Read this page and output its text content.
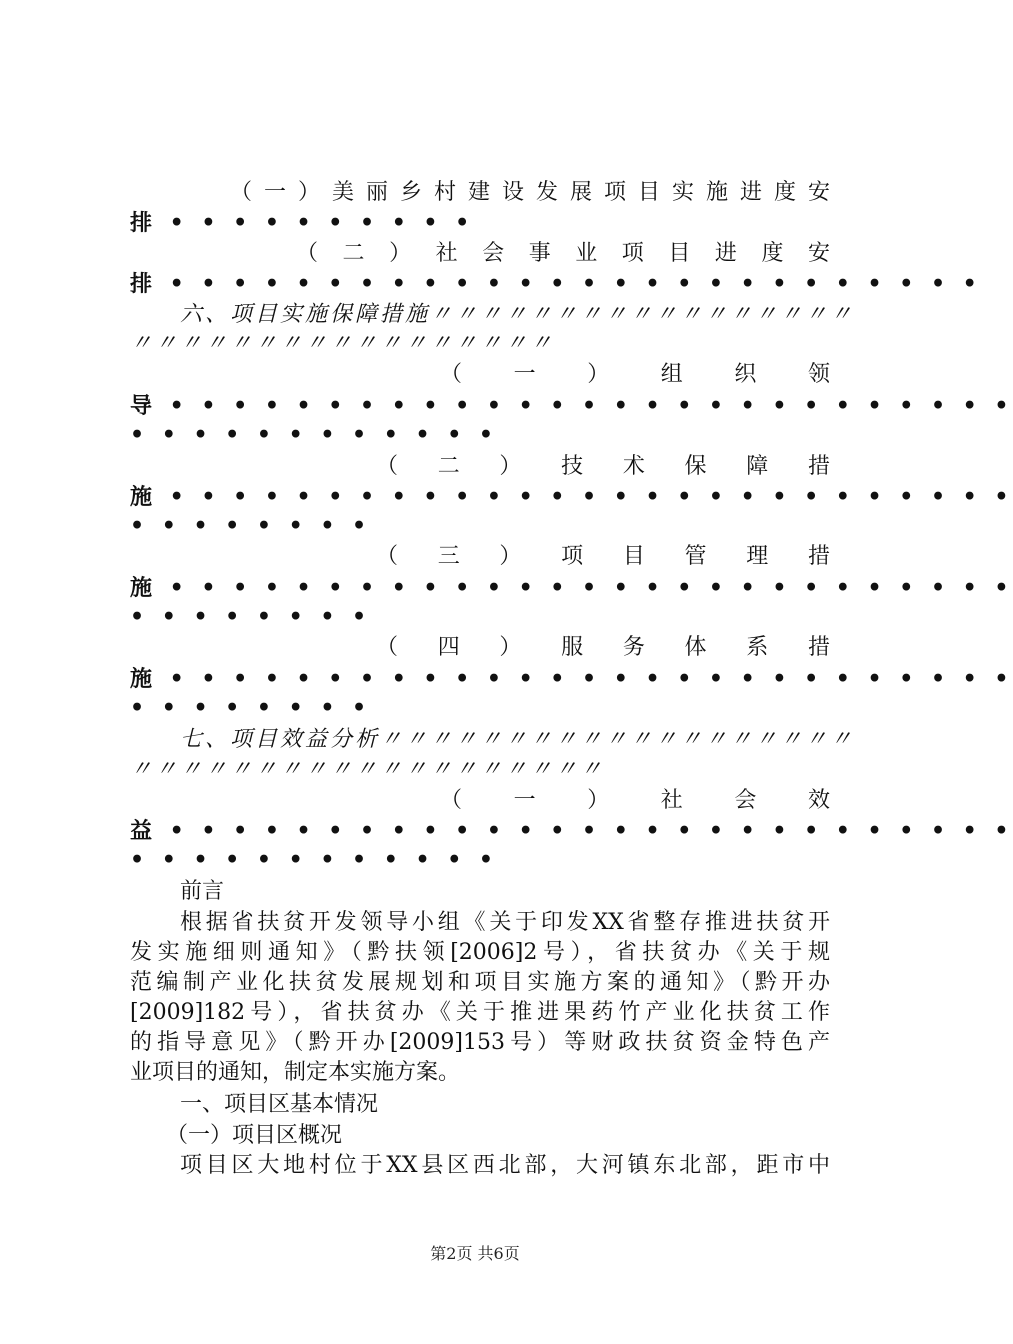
（一）美丽乡村建设发展项目实施进度安
排 • • • • • • • • • •
（二）社会事业项目进度安
排 • • • • • • • • • • • • • • • • • • • • • • • • • •
六、项目实施保障措施〃〃〃〃〃〃〃〃〃〃〃〃〃〃〃〃〃
〃〃〃〃〃〃〃〃〃〃〃〃〃〃〃〃〃
（一）组织领
导 • • • • • • • • • • • • • • • • • • • • • • • • • • •
• • • • • • • • • • • •
（二）技术保障措
施 • • • • • • • • • • • • • • • • • • • • • • • • • • •
• • • • • • • •
（三）项目管理措
施 • • • • • • • • • • • • • • • • • • • • • • • • • • •
• • • • • • • •
（四）服务体系措
施 • • • • • • • • • • • • • • • • • • • • • • • • • • •
• • • • • • • •
七、项目效益分析〃〃〃〃〃〃〃〃〃〃〃〃〃〃〃〃〃〃〃
〃〃〃〃〃〃〃〃〃〃〃〃〃〃〃〃〃〃〃
（一）社会效
益 • • • • • • • • • • • • • • • • • • • • • • • • • • •
• • • • • • • • • • • •
前言
根据省扶贫开发领导小组《关于印发XX省整存推进扶贫开
发实施细则通知》（黔扶领[2006]2号），省扶贫办《关于规
范编制产业化扶贫发展规划和项目实施方案的通知》（黔开办
[2009]182号），省扶贫办《关于推进果药竹产业化扶贫工作
的指导意见》（黔开办[2009]153号）等财政扶贫资金特色产
业项目的通知，制定本实施方案。
一、项目区基本情况
（一）项目区概况
项目区大地村位于XX县区西北部，大河镇东北部，距市中
第2页 共6页
